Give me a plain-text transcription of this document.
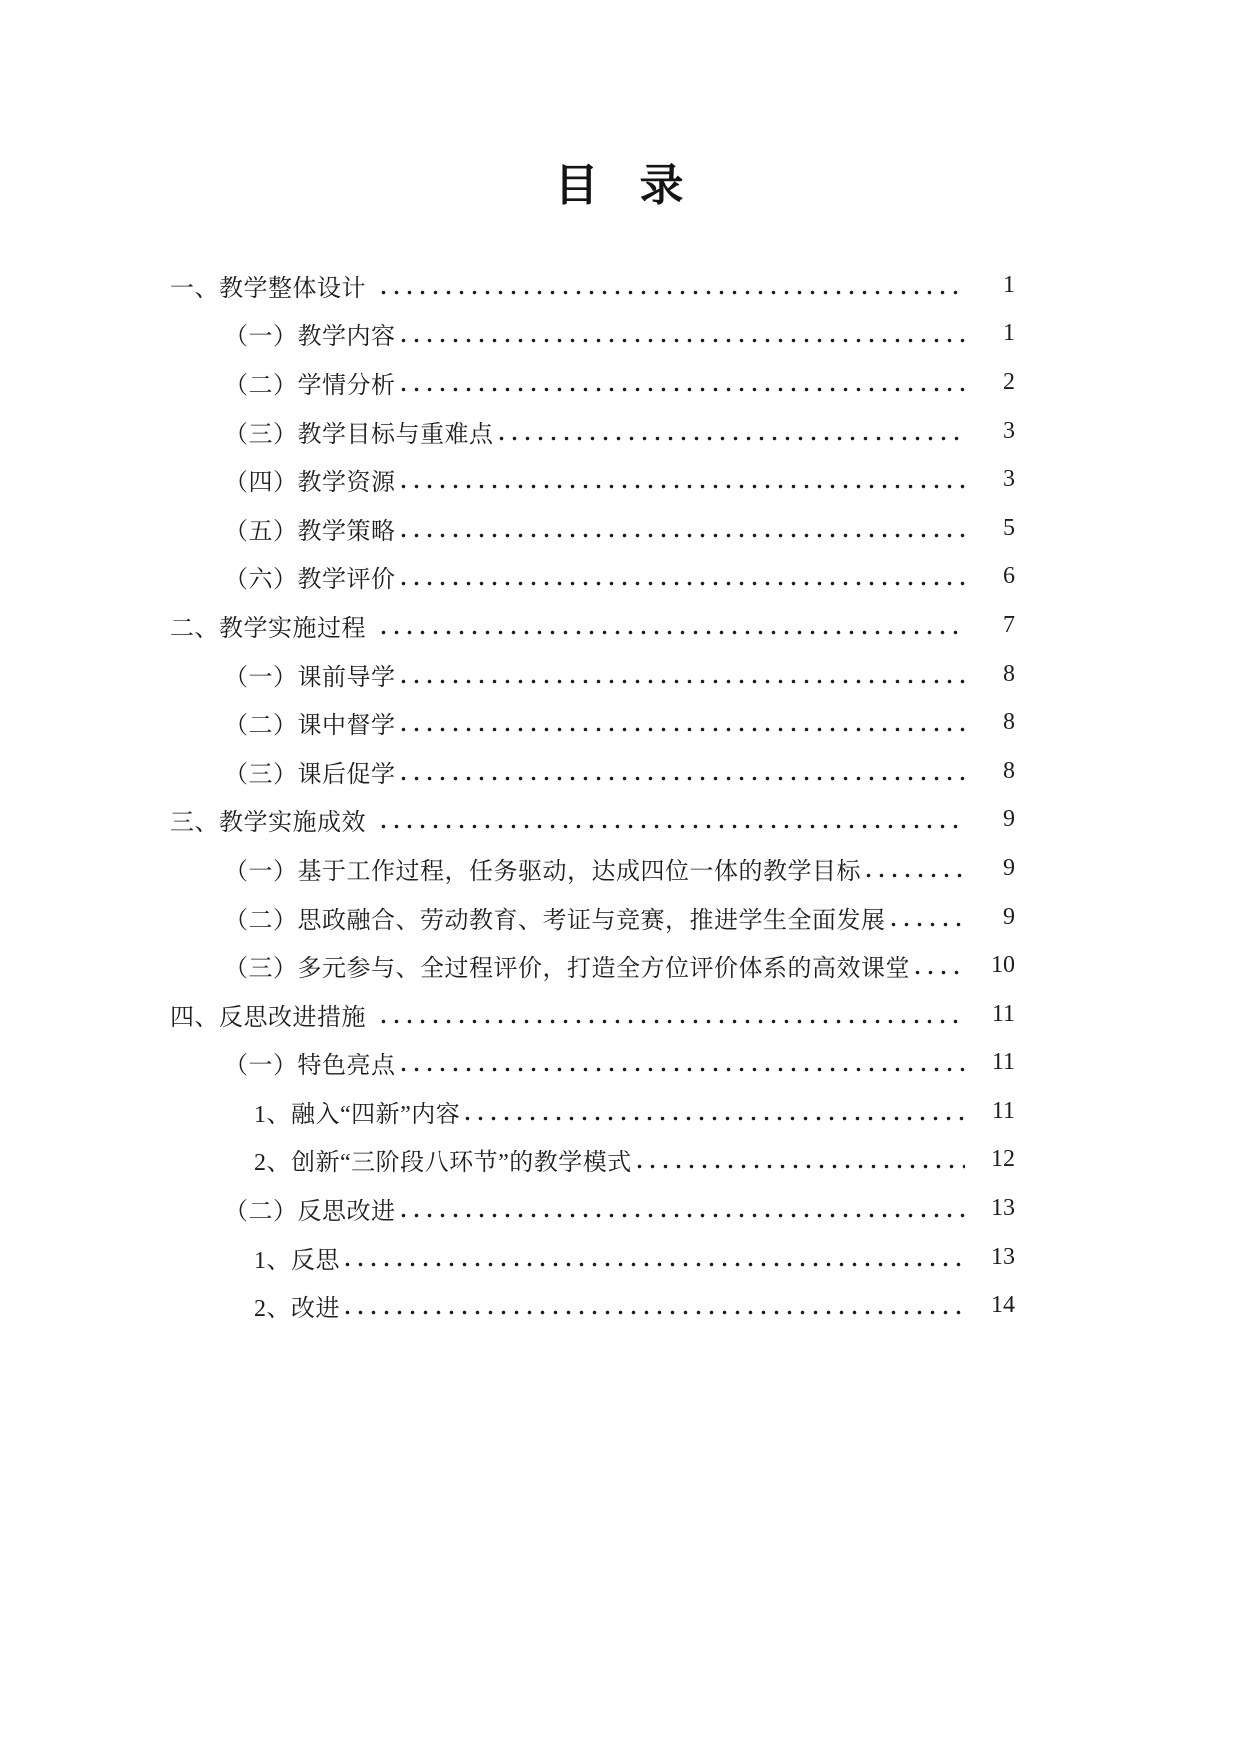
目 录
一、教学整体设计	1
（一）教学内容	1
（二）学情分析	2
（三）教学目标与重难点	3
（四）教学资源	3
（五）教学策略	5
（六）教学评价	6
二、教学实施过程	7
（一）课前导学	8
（二）课中督学	8
（三）课后促学	8
三、教学实施成效	9
（一）基于工作过程，任务驱动，达成四位一体的教学目标	9
（二）思政融合、劳动教育、考证与竞赛，推进学生全面发展	9
（三）多元参与、全过程评价，打造全方位评价体系的高效课堂	10
四、反思改进措施	11
（一）特色亮点	11
1、融入“四新”内容	11
2、创新“三阶段八环节”的教学模式	12
（二）反思改进	13
1、反思	13
2、改进	14
